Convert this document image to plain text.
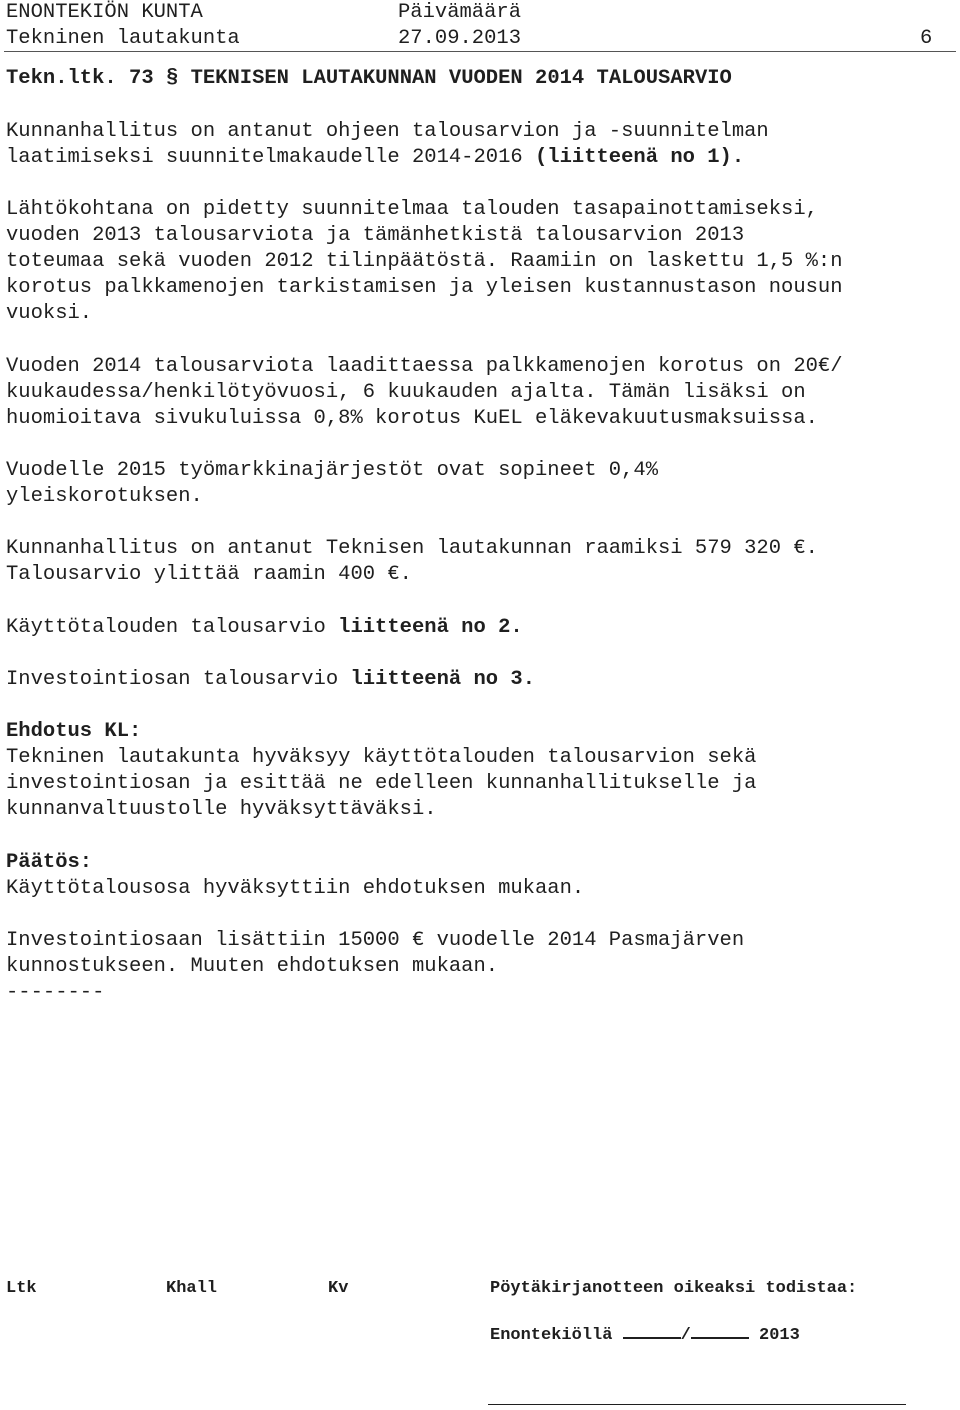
ENONTEKIÖN KUNTA	Päivämäärä
Tekninen lautakunta	27.09.2013	6
Tekn.ltk. 73 § TEKNISEN LAUTAKUNNAN VUODEN 2014 TALOUSARVIO
Kunnanhallitus on antanut ohjeen talousarvion ja -suunnitelman
laatimiseksi suunnitelmakaudelle 2014-2016 (liitteenä no 1).
Lähtökohtana on pidetty suunnitelmaa talouden tasapainottamiseksi,
vuoden 2013 talousarviota ja tämänhetkistä talousarvion 2013
toteumaa sekä vuoden 2012 tilinpäätöstä. Raamiin on laskettu 1,5 %:n
korotus palkkamenojen tarkistamisen ja yleisen kustannustason nousun
vuoksi.
Vuoden 2014 talousarviota laadittaessa palkkamenojen korotus on 20€/
kuukaudessa/henkilötyövuosi, 6 kuukauden ajalta. Tämän lisäksi on
huomioitava sivukuluissa 0,8% korotus KuEL eläkevakuutusmaksuissa.
Vuodelle 2015 työmarkkinajärjestöt ovat sopineet 0,4%
yleiskorotuksen.
Kunnanhallitus on antanut Teknisen lautakunnan raamiksi 579 320 €.
Talousarvio ylittää raamin 400 €.
Käyttötalouden talousarvio liitteenä no 2.
Investointiosan talousarvio liitteenä no 3.
Ehdotus KL:
Tekninen lautakunta hyväksyy käyttötalouden talousarvion sekä
investointiosan ja esittää ne edelleen kunnanhallitukselle ja
kunnanvaltuustolle hyväksyttäväksi.
Päätös:
Käyttötalousosa hyväksyttiin ehdotuksen mukaan.
Investointiosaan lisättiin 15000 € vuodelle 2014 Pasmajärven
kunnostukseen. Muuten ehdotuksen mukaan.
--------
Ltk	Khall	Kv	Pöytäkirjanotteen oikeaksi todistaa:
Enontekiöllä	/	2013
